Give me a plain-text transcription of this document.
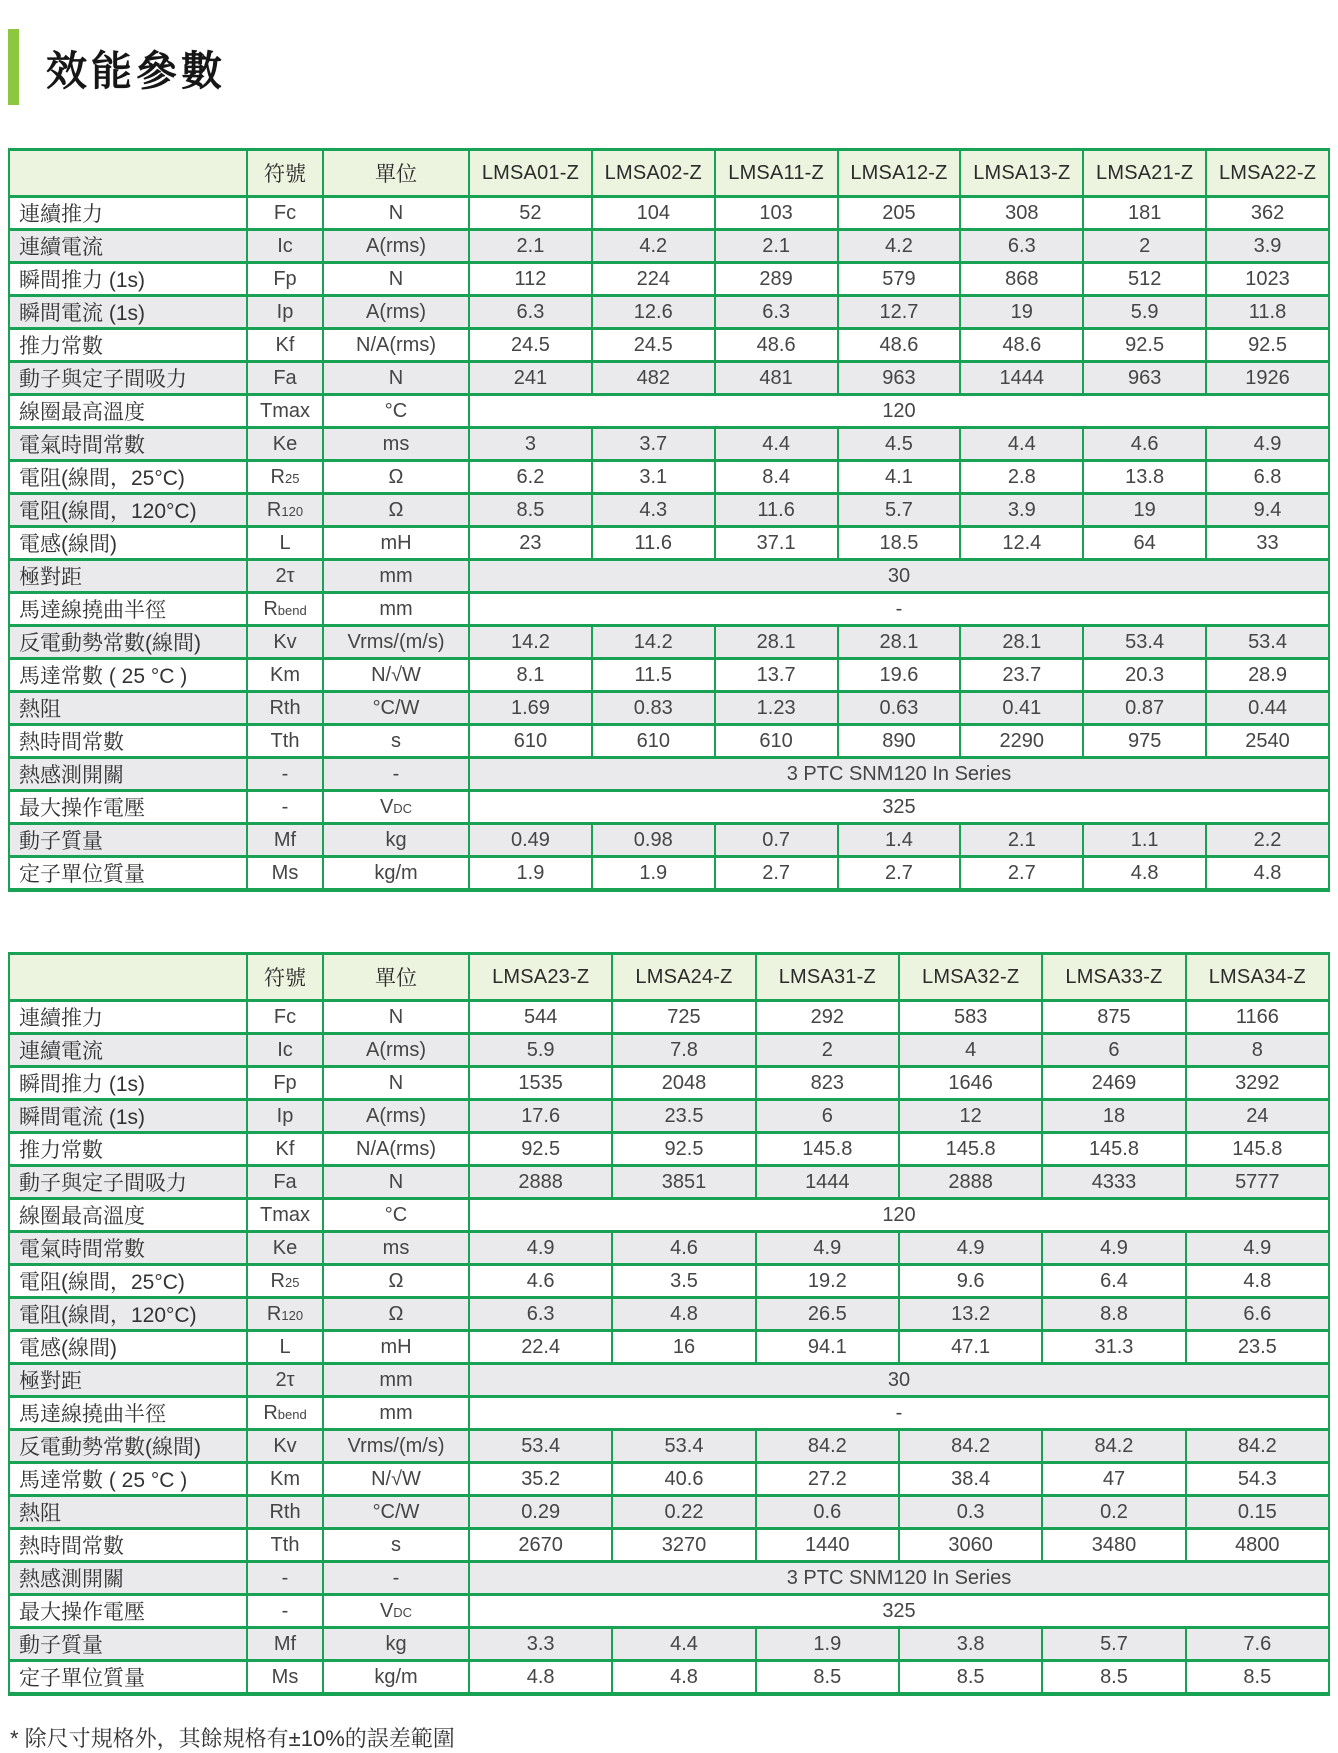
效能參數
	符號	單位	LMSA01-Z	LMSA02-Z	LMSA11-Z	LMSA12-Z	LMSA13-Z	LMSA21-Z	LMSA22-Z
連續推力	Fc	N	52	104	103	205	308	181	362
連續電流	Ic	A(rms)	2.1	4.2	2.1	4.2	6.3	2	3.9
瞬間推力 (1s)	Fp	N	112	224	289	579	868	512	1023
瞬間電流 (1s)	Ip	A(rms)	6.3	12.6	6.3	12.7	19	5.9	11.8
推力常數	Kf	N/A(rms)	24.5	24.5	48.6	48.6	48.6	92.5	92.5
動子與定子間吸力	Fa	N	241	482	481	963	1444	963	1926
線圈最高溫度	Tmax	°C	120						
電氣時間常數	Ke	ms	3	3.7	4.4	4.5	4.4	4.6	4.9
電阻(線間，25°C)	R25	Ω	6.2	3.1	8.4	4.1	2.8	13.8	6.8
電阻(線間，120°C)	R120	Ω	8.5	4.3	11.6	5.7	3.9	19	9.4
電感(線間)	L	mH	23	11.6	37.1	18.5	12.4	64	33
極對距	2τ	mm	30						
馬達線撓曲半徑	Rbend	mm	-						
反電動勢常數(線間)	Kv	Vrms/(m/s)	14.2	14.2	28.1	28.1	28.1	53.4	53.4
馬達常數 ( 25 °C )	Km	N/√W	8.1	11.5	13.7	19.6	23.7	20.3	28.9
熱阻	Rth	°C/W	1.69	0.83	1.23	0.63	0.41	0.87	0.44
熱時間常數	Tth	s	610	610	610	890	2290	975	2540
熱感測開關	-	-	3 PTC SNM120 In Series						
最大操作電壓	-	VDC	325						
動子質量	Mf	kg	0.49	0.98	0.7	1.4	2.1	1.1	2.2
定子單位質量	Ms	kg/m	1.9	1.9	2.7	2.7	2.7	4.8	4.8
	符號	單位	LMSA23-Z	LMSA24-Z	LMSA31-Z	LMSA32-Z	LMSA33-Z	LMSA34-Z
連續推力	Fc	N	544	725	292	583	875	1166
連續電流	Ic	A(rms)	5.9	7.8	2	4	6	8
瞬間推力 (1s)	Fp	N	1535	2048	823	1646	2469	3292
瞬間電流 (1s)	Ip	A(rms)	17.6	23.5	6	12	18	24
推力常數	Kf	N/A(rms)	92.5	92.5	145.8	145.8	145.8	145.8
動子與定子間吸力	Fa	N	2888	3851	1444	2888	4333	5777
線圈最高溫度	Tmax	°C	120					
電氣時間常數	Ke	ms	4.9	4.6	4.9	4.9	4.9	4.9
電阻(線間，25°C)	R25	Ω	4.6	3.5	19.2	9.6	6.4	4.8
電阻(線間，120°C)	R120	Ω	6.3	4.8	26.5	13.2	8.8	6.6
電感(線間)	L	mH	22.4	16	94.1	47.1	31.3	23.5
極對距	2τ	mm	30					
馬達線撓曲半徑	Rbend	mm	-					
反電動勢常數(線間)	Kv	Vrms/(m/s)	53.4	53.4	84.2	84.2	84.2	84.2
馬達常數 ( 25 °C )	Km	N/√W	35.2	40.6	27.2	38.4	47	54.3
熱阻	Rth	°C/W	0.29	0.22	0.6	0.3	0.2	0.15
熱時間常數	Tth	s	2670	3270	1440	3060	3480	4800
熱感測開關	-	-	3 PTC SNM120 In Series					
最大操作電壓	-	VDC	325					
動子質量	Mf	kg	3.3	4.4	1.9	3.8	5.7	7.6
定子單位質量	Ms	kg/m	4.8	4.8	8.5	8.5	8.5	8.5
* 除尺寸規格外，其餘規格有±10%的誤差範圍
